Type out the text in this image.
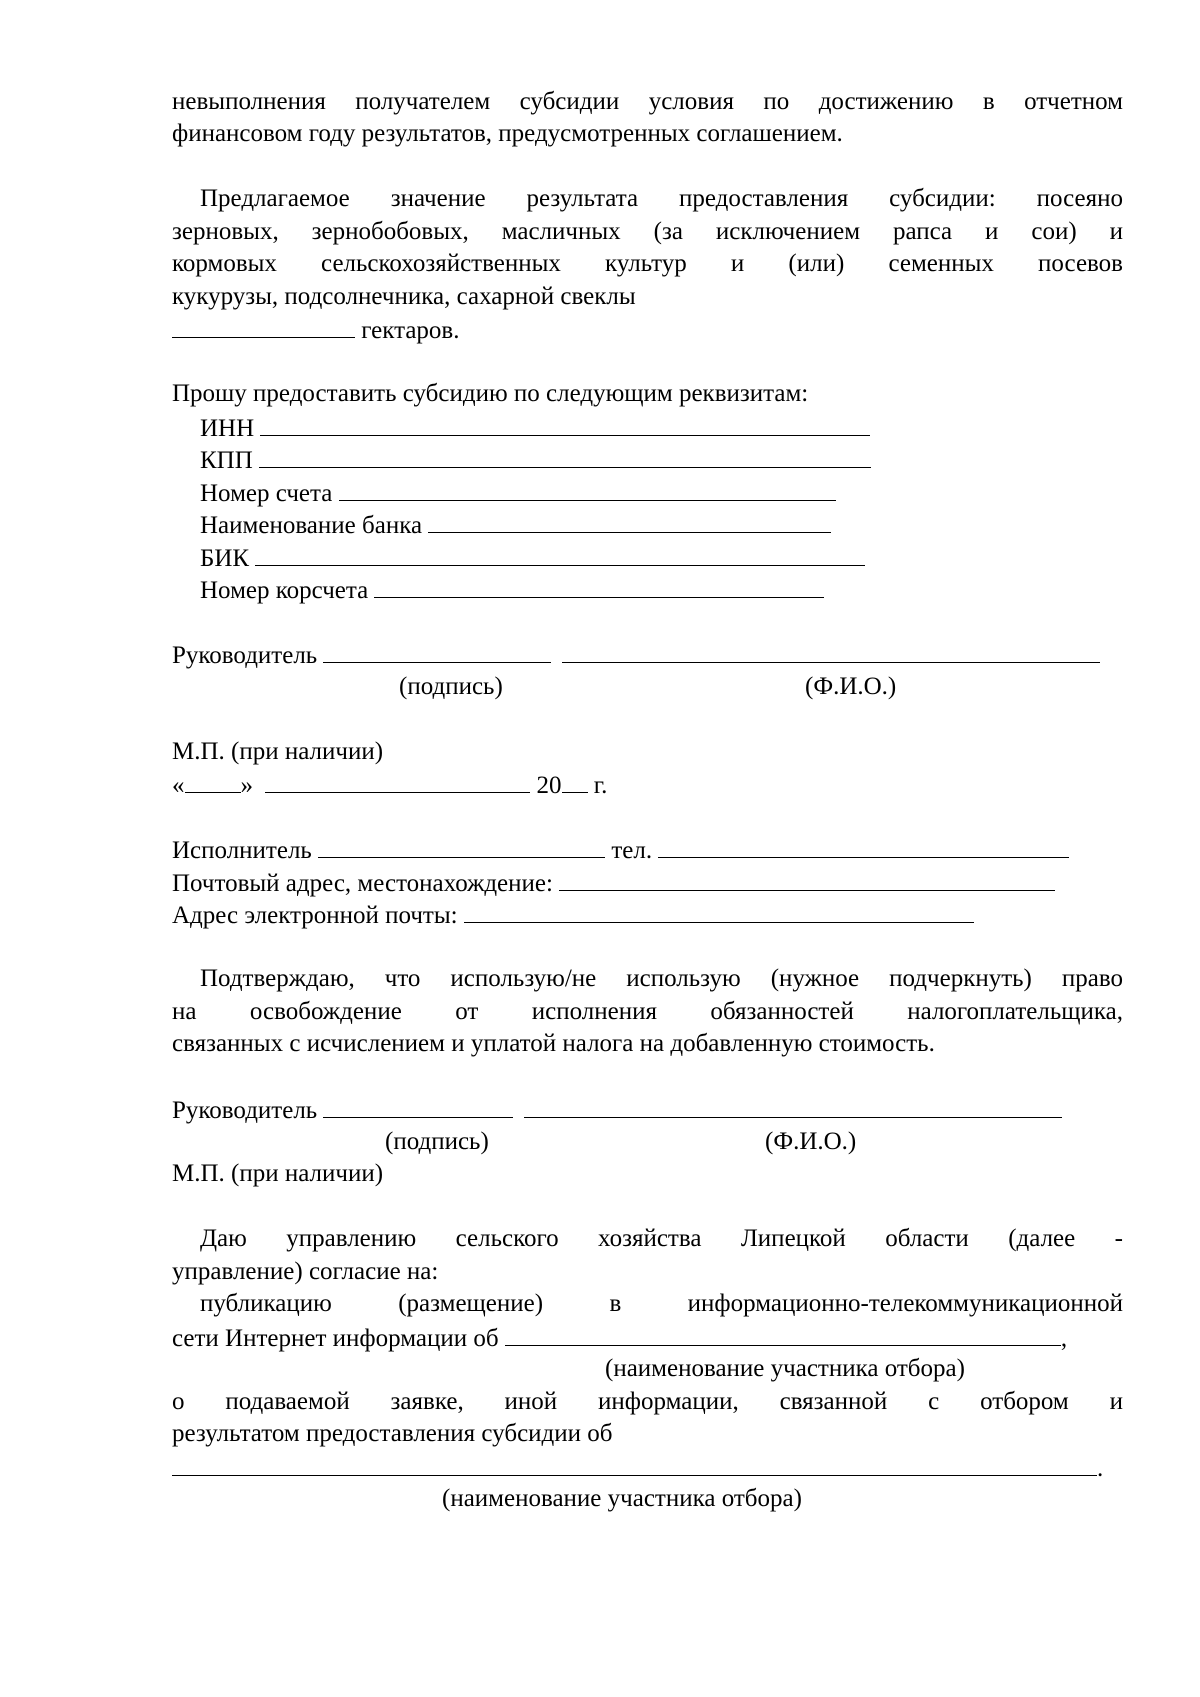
невыполнения получателем субсидии условия по достижению в отчетном
финансовом году результатов, предусмотренных соглашением.
Предлагаемое значение результата предоставления субсидии: посеяно
зерновых, зернобобовых, масличных (за исключением рапса и сои) и
кормовых сельскохозяйственных культур и (или) семенных посевов
кукурузы, подсолнечника, сахарной свеклы
гектаров.
Прошу предоставить субсидию по следующим реквизитам:
ИНН
КПП
Номер счета
Наименование банка
БИК
Номер корсчета
Руководитель
(подпись)	(Ф.И.О.)
М.П. (при наличии)
« »	20 г.
Исполнитель	тел.
Почтовый адрес, местонахождение:
Адрес электронной почты:
Подтверждаю, что использую/не использую (нужное подчеркнуть) право
на освобождение от исполнения обязанностей налогоплательщика,
связанных с исчислением и уплатой налога на добавленную стоимость.
Руководитель
(подпись)	(Ф.И.О.)
М.П. (при наличии)
Даю управлению сельского хозяйства Липецкой области (далее -
управление) согласие на:
публикацию (размещение) в информационно-телекоммуникационной
сети Интернет информации об	,
(наименование участника отбора)
о подаваемой заявке, иной информации, связанной с отбором и
результатом предоставления субсидии об
.
(наименование участника отбора)
